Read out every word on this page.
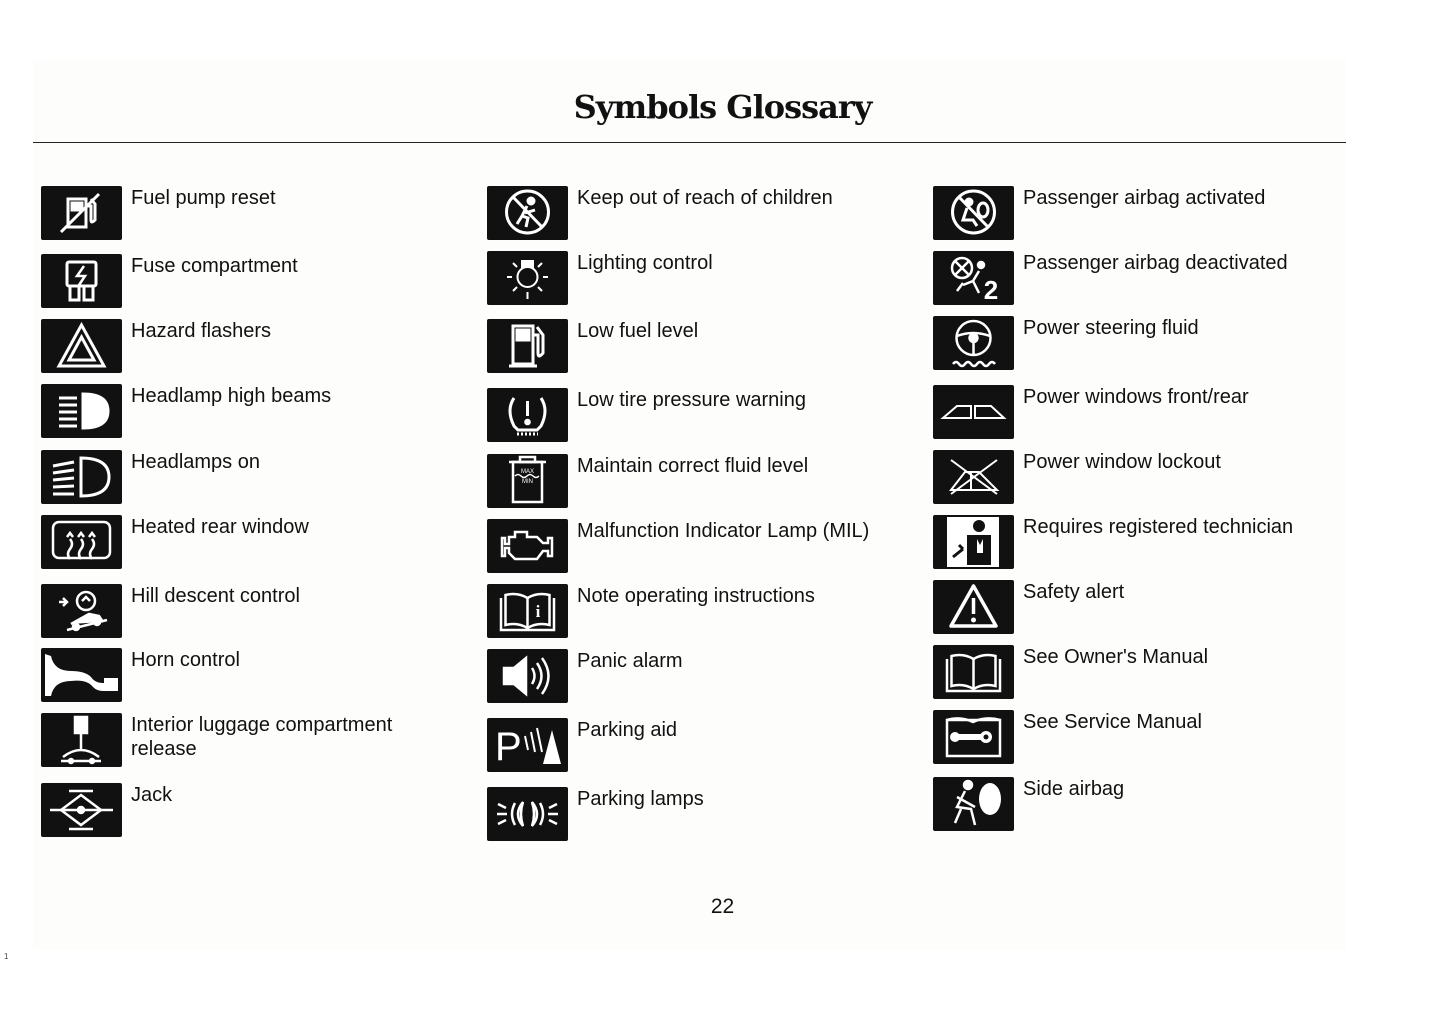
Symbols Glossary
Fuel pump reset
Fuse compartment
Hazard flashers
Headlamp high beams
Headlamps on
Heated rear window
Hill descent control
Horn control
Interior luggage compartment release
Jack
Keep out of reach of children
Lighting control
Low fuel level
Low tire pressure warning
MAX
MIN
Maintain correct fluid level
Malfunction Indicator Lamp (MIL)
i
Note operating instructions
Panic alarm
P	Parking aid
Parking lamps
Passenger airbag activated
2
Passenger airbag deactivated
Power steering fluid
Power windows front/rear
Power window lockout
Requires registered technician
Safety alert
See Owner's Manual
See Service Manual
Side airbag
22
1
